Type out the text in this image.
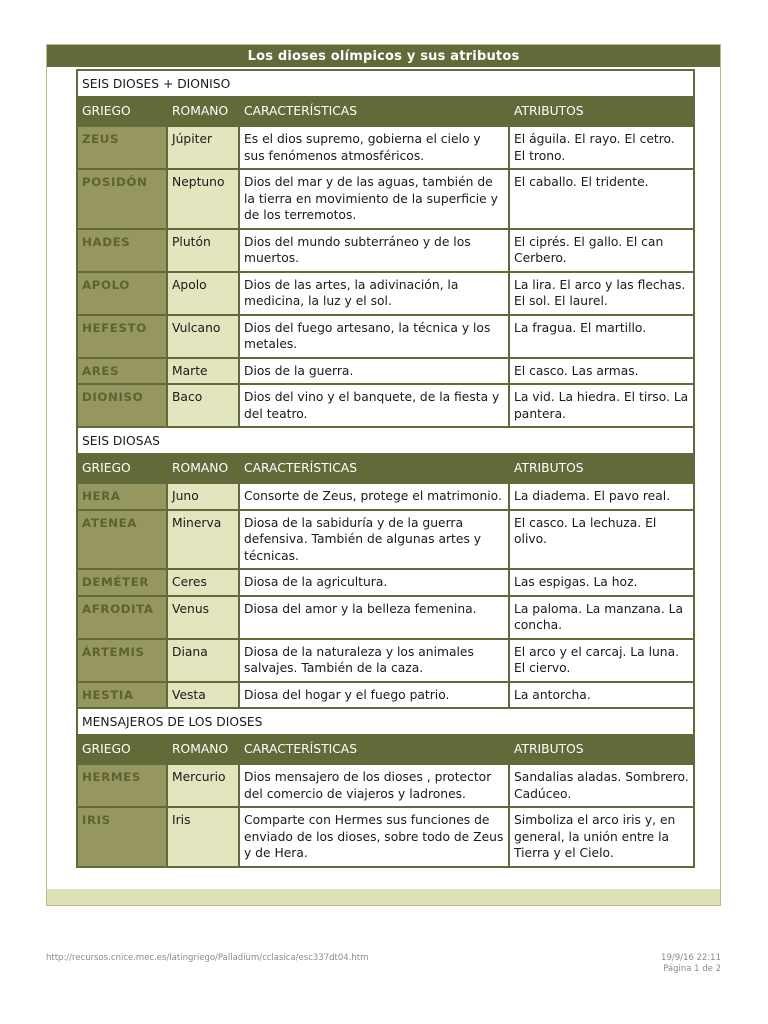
Los dioses olímpicos y sus atributos
SEIS DIOSES + DIONISO			
GRIEGO	ROMANO	CARACTERÍSTICAS	ATRIBUTOS
ZEUS	Júpiter	Es el dios supremo, gobierna el cielo y sus fenómenos atmosféricos.	El águila. El rayo. El cetro. El trono.
POSIDÓN	Neptuno	Dios del mar y de las aguas, también de la tierra en movimiento de la superficie y de los terremotos.	El caballo. El tridente.
HADES	Plutón	Dios del mundo subterráneo y de los muertos.	El ciprés. El gallo. El can Cerbero.
APOLO	Apolo	Dios de las artes, la adivinación, la medicina, la luz y el sol.	La lira. El arco y las flechas. El sol. El laurel.
HEFESTO	Vulcano	Dios del fuego artesano, la técnica y los metales.	La fragua. El martillo.
ARES	Marte	Dios de la guerra.	El casco. Las armas.
DIONISO	Baco	Dios del vino y el banquete, de la fiesta y del teatro.	La vid. La hiedra. El tirso. La pantera.
SEIS DIOSAS			
GRIEGO	ROMANO	CARACTERÍSTICAS	ATRIBUTOS
HERA	Juno	Consorte de Zeus, protege el matrimonio.	La diadema. El pavo real.
ATENEA	Minerva	Diosa de la sabiduría y de la guerra defensiva. También de algunas artes y técnicas.	El casco. La lechuza. El olivo.
DEMÉTER	Ceres	Diosa de la agricultura.	Las espigas. La hoz.
AFRODITA	Venus	Diosa del amor y la belleza femenina.	La paloma. La manzana. La concha.
ÁRTEMIS	Diana	Diosa de la naturaleza y los animales salvajes. También de la caza.	El arco y el carcaj. La luna. El ciervo.
HESTIA	Vesta	Diosa del hogar y el fuego patrio.	La antorcha.
MENSAJEROS DE LOS DIOSES			
GRIEGO	ROMANO	CARACTERÍSTICAS	ATRIBUTOS
HERMES	Mercurio	Dios mensajero de los dioses , protector del comercio de viajeros y ladrones.	Sandalias aladas. Sombrero. Cadúceo.
IRIS	Iris	Comparte con Hermes sus funciones de enviado de los dioses, sobre todo de Zeus y de Hera.	Simboliza el arco iris y, en general, la unión entre la Tierra y el Cielo.
http://recursos.cnice.mec.es/latingriego/Palladium/cclasica/esc337dt04.htm	19/9/16 22:11
Página 1 de 2
